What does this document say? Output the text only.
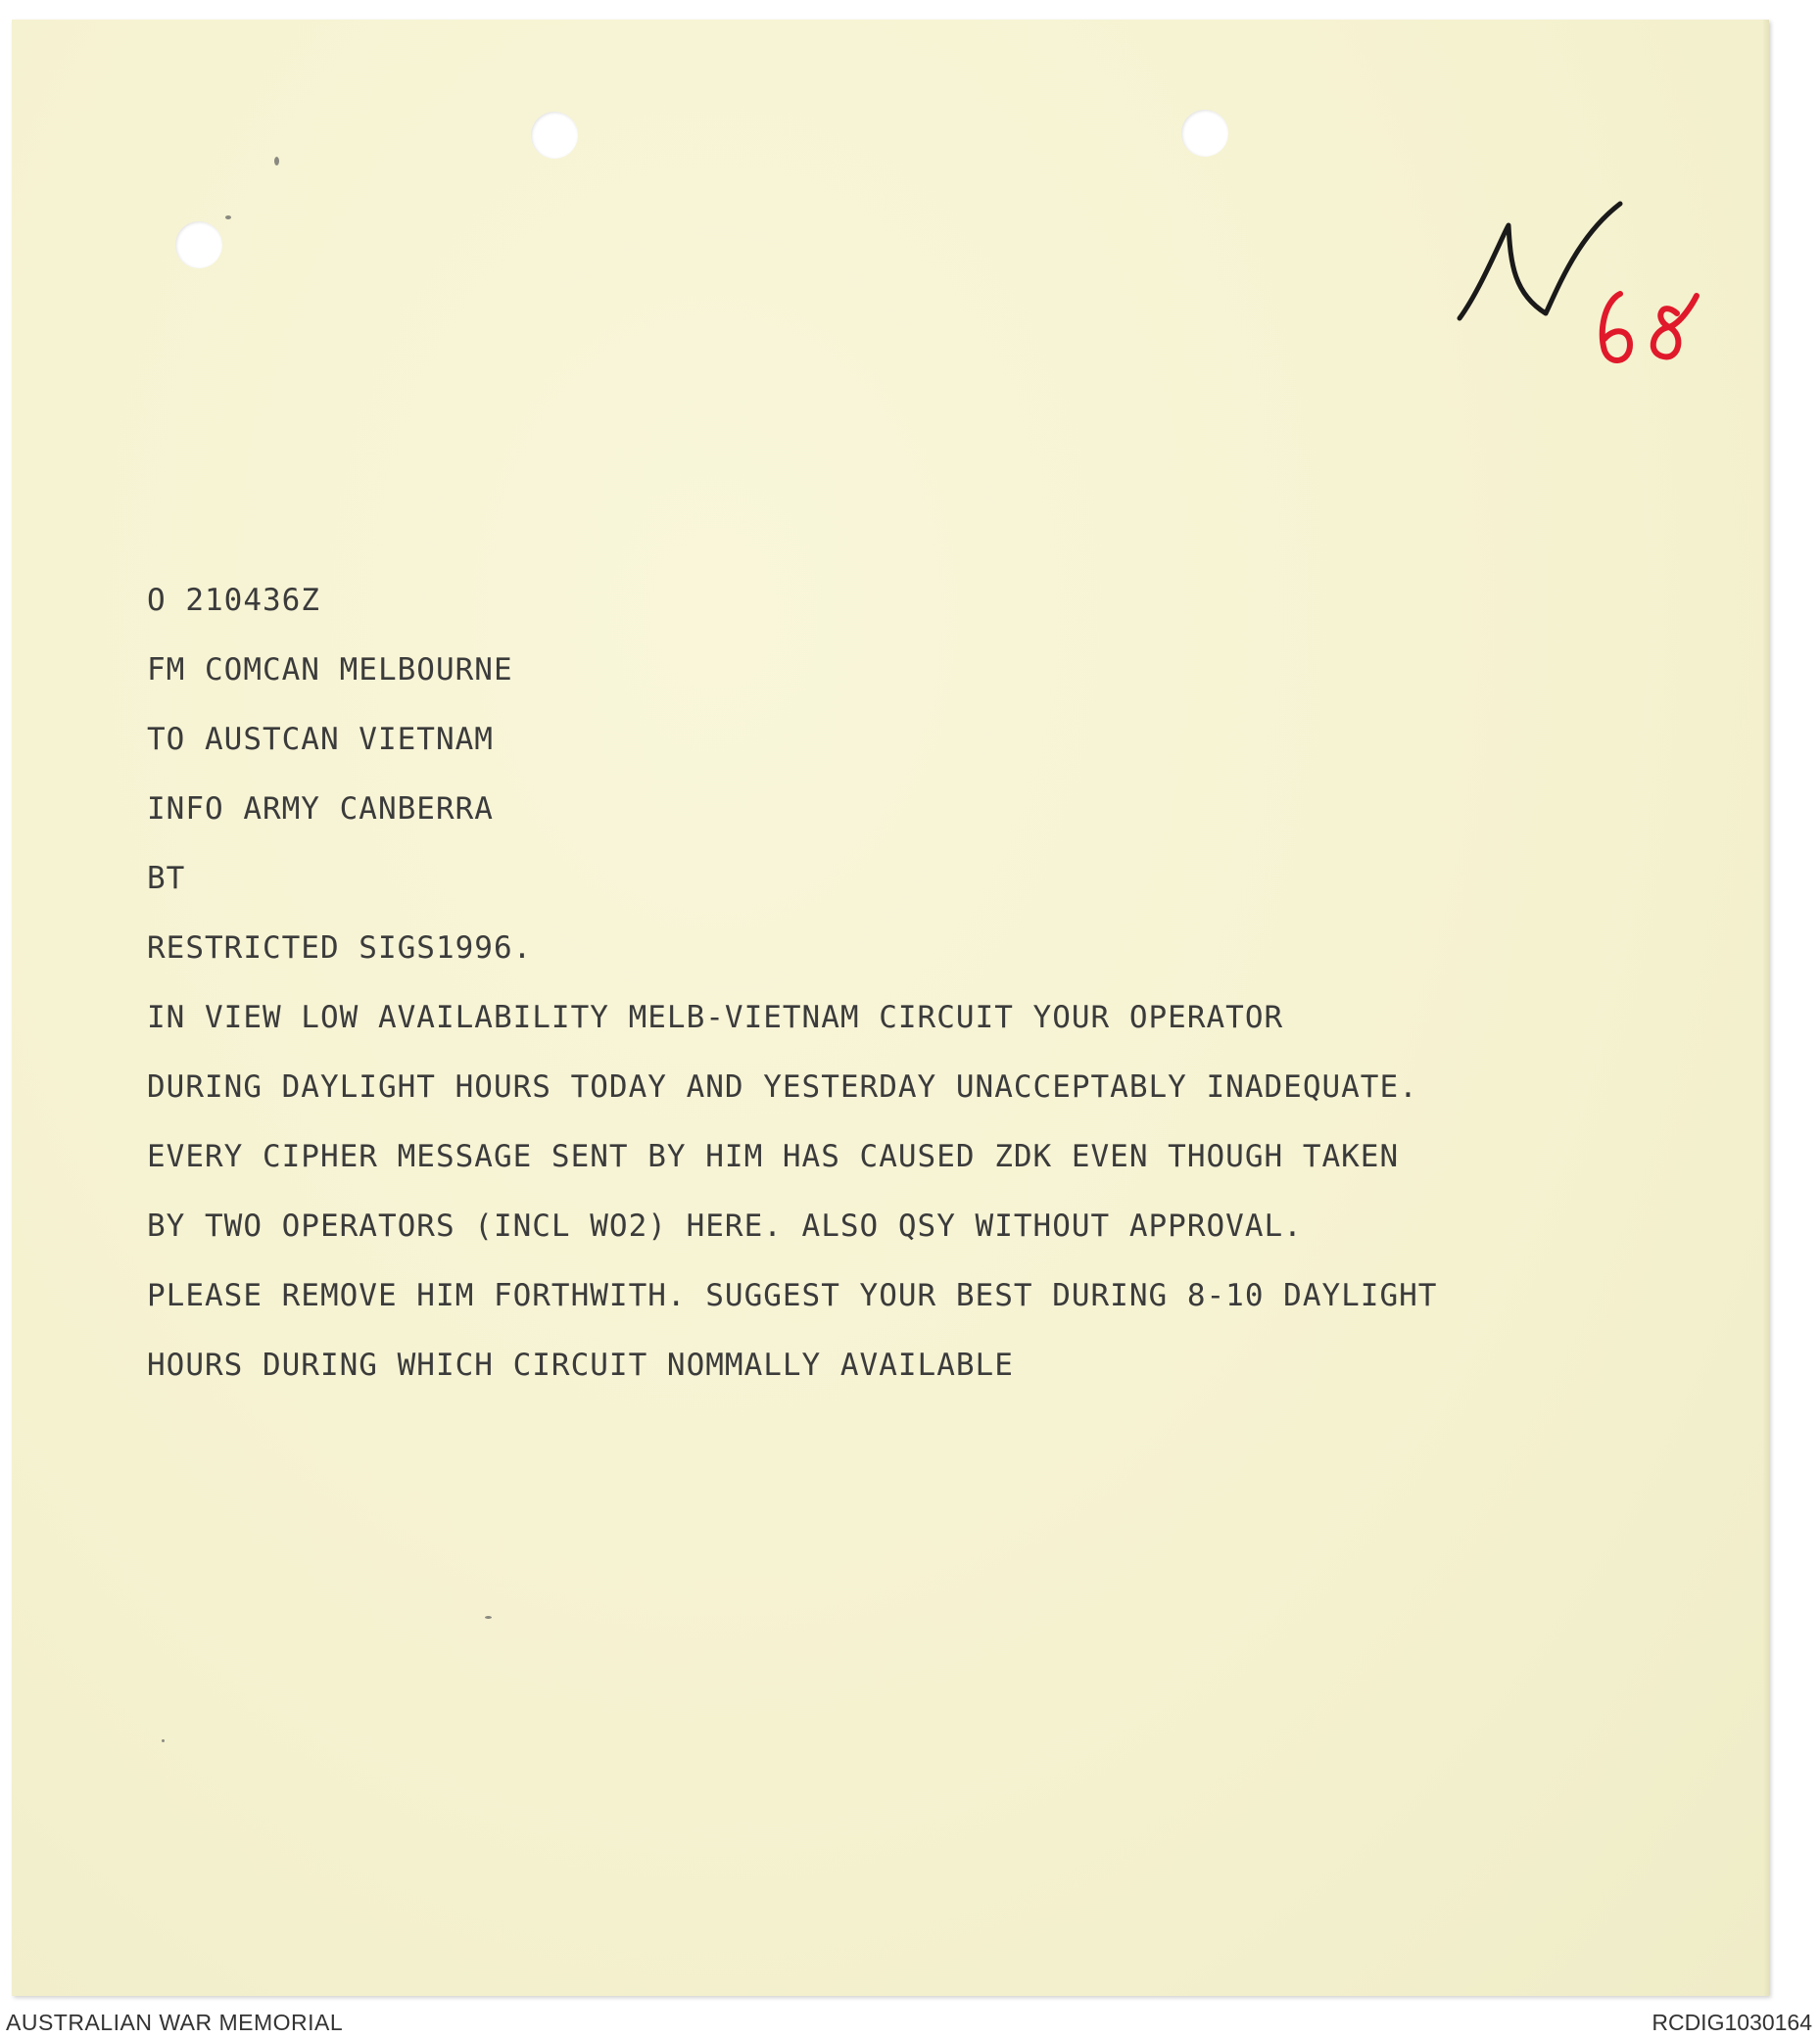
O 210436Z
FM COMCAN MELBOURNE
TO AUSTCAN VIETNAM
INFO ARMY CANBERRA
BT
RESTRICTED SIGS1996.
IN VIEW LOW AVAILABILITY MELB-VIETNAM CIRCUIT YOUR OPERATOR
DURING DAYLIGHT HOURS TODAY AND YESTERDAY UNACCEPTABLY INADEQUATE.
EVERY CIPHER MESSAGE SENT BY HIM HAS CAUSED ZDK EVEN THOUGH TAKEN
BY TWO OPERATORS (INCL WO2) HERE. ALSO QSY WITHOUT APPROVAL.
PLEASE REMOVE HIM FORTHWITH. SUGGEST YOUR BEST DURING 8-10 DAYLIGHT
HOURS DURING WHICH CIRCUIT NOMMALLY AVAILABLE
AUSTRALIAN WAR MEMORIAL	RCDIG1030164
